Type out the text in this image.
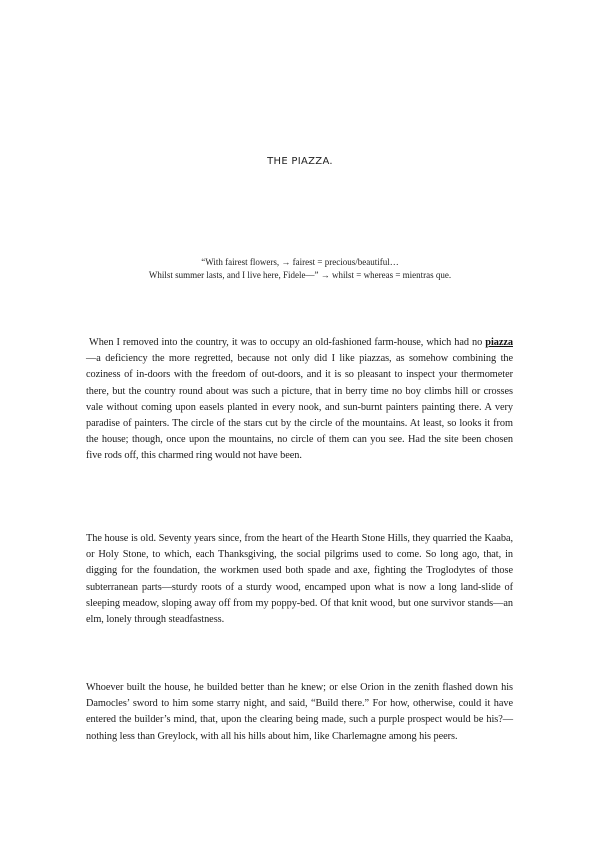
THE PIAZZA.
“With fairest flowers, → fairest = precious/beautiful…
Whilst summer lasts, and I live here, Fidele—” → whilst = whereas = mientras que.
When I removed into the country, it was to occupy an old-fashioned farm-house, which had no piazza—a deficiency the more regretted, because not only did I like piazzas, as somehow combining the coziness of in-doors with the freedom of out-doors, and it is so pleasant to inspect your thermometer there, but the country round about was such a picture, that in berry time no boy climbs hill or crosses vale without coming upon easels planted in every nook, and sun-burnt painters painting there. A very paradise of painters. The circle of the stars cut by the circle of the mountains. At least, so looks it from the house; though, once upon the mountains, no circle of them can you see. Had the site been chosen five rods off, this charmed ring would not have been.
The house is old. Seventy years since, from the heart of the Hearth Stone Hills, they quarried the Kaaba, or Holy Stone, to which, each Thanksgiving, the social pilgrims used to come. So long ago, that, in digging for the foundation, the workmen used both spade and axe, fighting the Troglodytes of those subterranean parts—sturdy roots of a sturdy wood, encamped upon what is now a long land-slide of sleeping meadow, sloping away off from my poppy-bed. Of that knit wood, but one survivor stands—an elm, lonely through steadfastness.
Whoever built the house, he builded better than he knew; or else Orion in the zenith flashed down his Damocles’ sword to him some starry night, and said, “Build there.” For how, otherwise, could it have entered the builder’s mind, that, upon the clearing being made, such a purple prospect would be his?—nothing less than Greylock, with all his hills about him, like Charlemagne among his peers.
